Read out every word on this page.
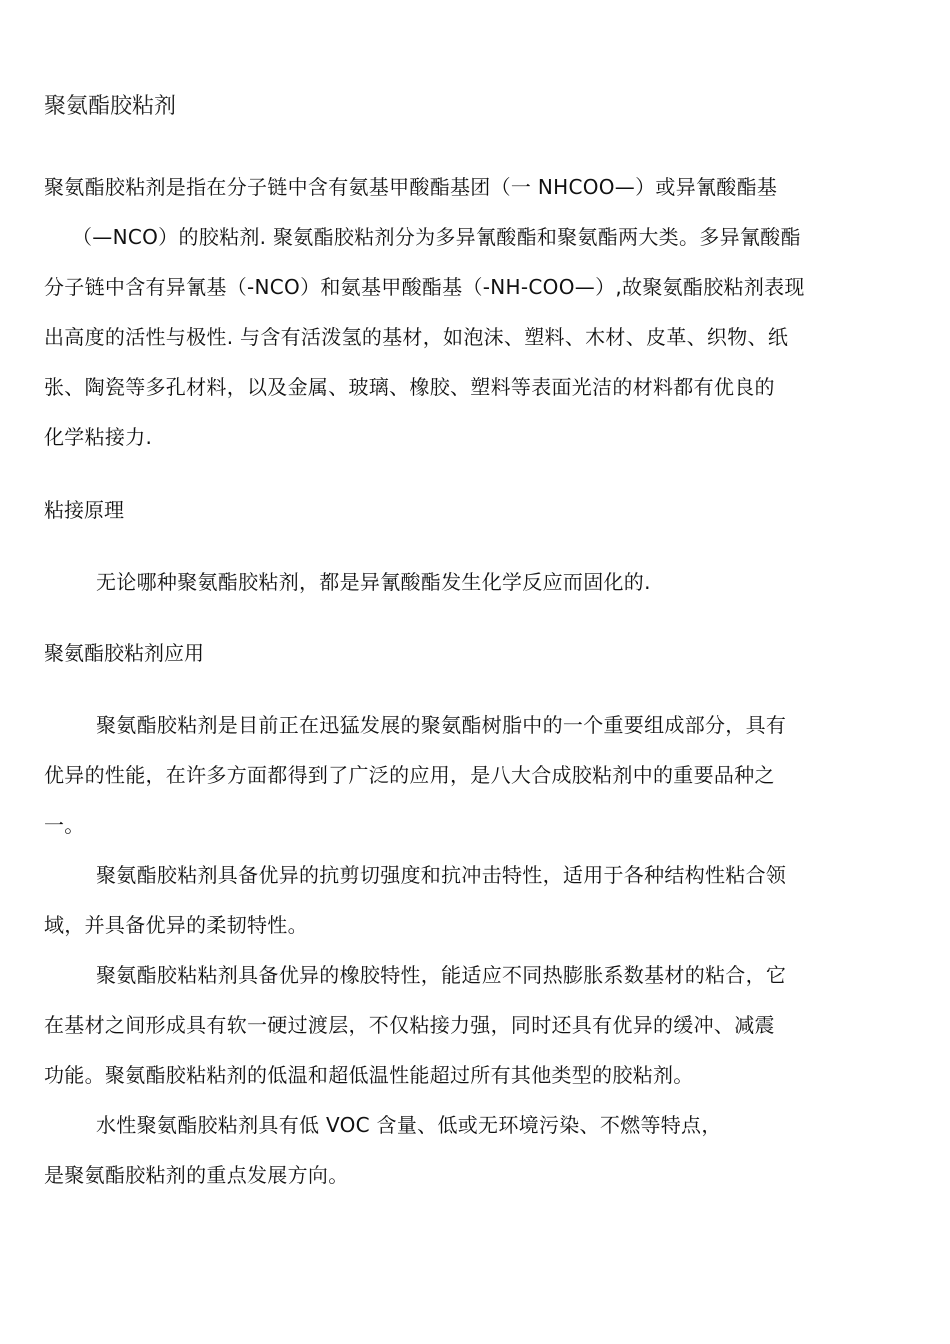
聚氨酯胶粘剂
聚氨酯胶粘剂是指在分子链中含有氨基甲酸酯基团（一 NHCOO—）或异氰酸酯基
（—NCO）的胶粘剂. 聚氨酯胶粘剂分为多异氰酸酯和聚氨酯两大类。多异氰酸酯
分子链中含有异氰基（-NCO）和氨基甲酸酯基（-NH-COO—）,故聚氨酯胶粘剂表现
出高度的活性与极性. 与含有活泼氢的基材，如泡沫、塑料、木材、皮革、织物、纸
张、陶瓷等多孔材料，以及金属、玻璃、橡胶、塑料等表面光洁的材料都有优良的
化学粘接力.
粘接原理
无论哪种聚氨酯胶粘剂，都是异氰酸酯发生化学反应而固化的.
聚氨酯胶粘剂应用
聚氨酯胶粘剂是目前正在迅猛发展的聚氨酯树脂中的一个重要组成部分，具有
优异的性能，在许多方面都得到了广泛的应用，是八大合成胶粘剂中的重要品种之
一。
聚氨酯胶粘剂具备优异的抗剪切强度和抗冲击特性，适用于各种结构性粘合领
域，并具备优异的柔韧特性。
聚氨酯胶粘粘剂具备优异的橡胶特性，能适应不同热膨胀系数基材的粘合，它
在基材之间形成具有软一硬过渡层，不仅粘接力强，同时还具有优异的缓冲、减震
功能。聚氨酯胶粘粘剂的低温和超低温性能超过所有其他类型的胶粘剂。
水性聚氨酯胶粘剂具有低 VOC 含量、低或无环境污染、不燃等特点，
是聚氨酯胶粘剂的重点发展方向。
